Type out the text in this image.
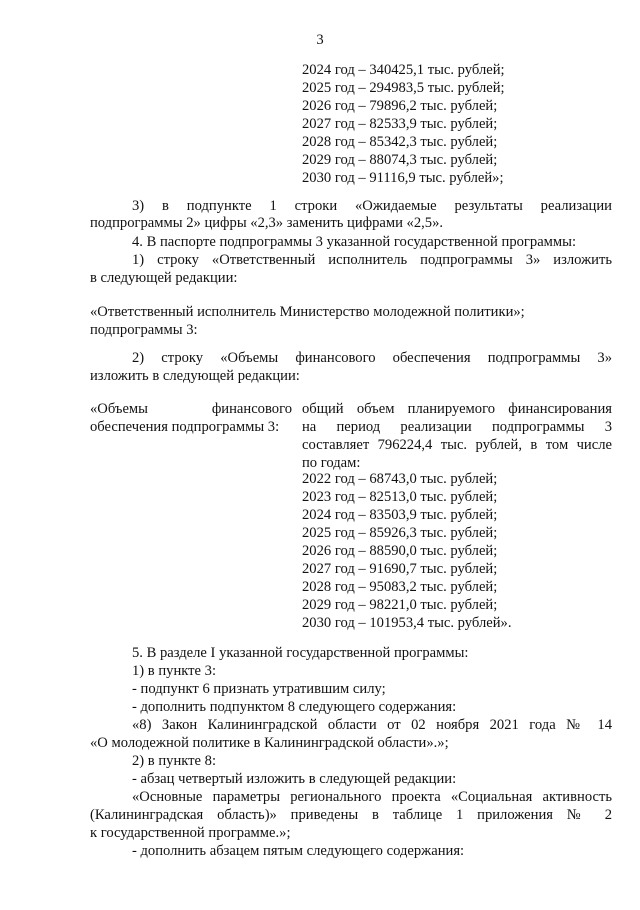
3
2024 год – 340425,1 тыс. рублей;
2025 год – 294983,5 тыс. рублей;
2026 год – 79896,2 тыс. рублей;
2027 год – 82533,9 тыс. рублей;
2028 год – 85342,3 тыс. рублей;
2029 год – 88074,3 тыс. рублей;
2030 год – 91116,9 тыс. рублей»;
3) в подпункте 1 строки «Ожидаемые результаты реализации
подпрограммы 2» цифры «2,3» заменить цифрами «2,5».
4. В паспорте подпрограммы 3 указанной государственной программы:
1) строку «Ответственный исполнитель подпрограммы 3» изложить
в следующей редакции:
«Ответственный исполнитель Министерство молодежной политики»;
подпрограммы 3:
2) строку «Объемы финансового обеспечения подпрограммы 3»
изложить в следующей редакции:
«Объемы финансового
обеспечения подпрограммы 3:
общий объем планируемого финансирования
на период реализации подпрограммы 3
составляет 796224,4 тыс. рублей, в том числе
по годам:
2022 год – 68743,0 тыс. рублей;
2023 год – 82513,0 тыс. рублей;
2024 год – 83503,9 тыс. рублей;
2025 год – 85926,3 тыс. рублей;
2026 год – 88590,0 тыс. рублей;
2027 год – 91690,7 тыс. рублей;
2028 год – 95083,2 тыс. рублей;
2029 год – 98221,0 тыс. рублей;
2030 год – 101953,4 тыс. рублей».
5. В разделе I указанной государственной программы:
1) в пункте 3:
- подпункт 6 признать утратившим силу;
- дополнить подпунктом 8 следующего содержания:
«8) Закон Калининградской области от 02 ноября 2021 года № 14
«О молодежной политике в Калининградской области».»;
2) в пункте 8:
- абзац четвертый изложить в следующей редакции:
«Основные параметры регионального проекта «Социальная активность
(Калининградская область)» приведены в таблице 1 приложения № 2
к государственной программе.»;
- дополнить абзацем пятым следующего содержания:
